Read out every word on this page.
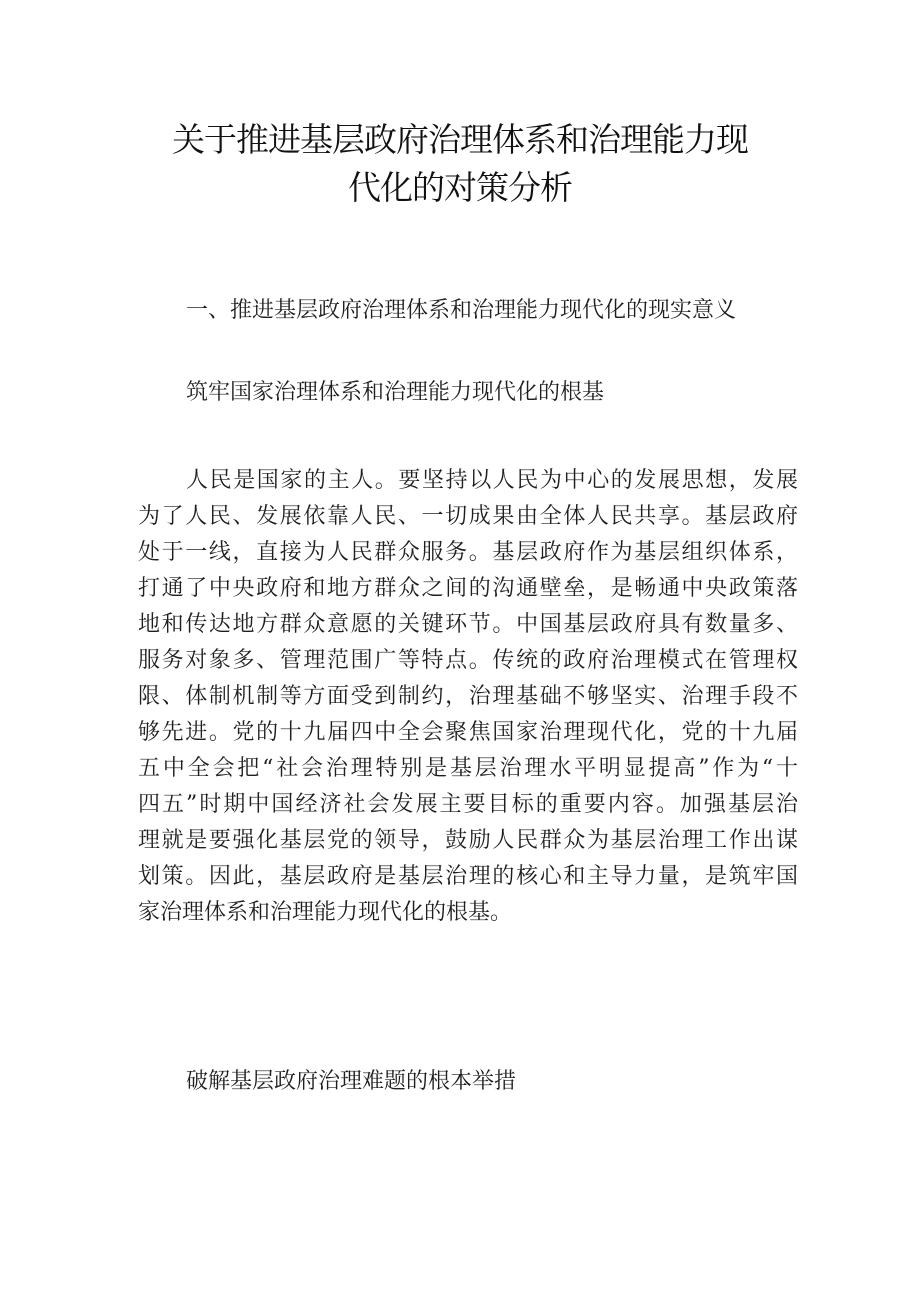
关于推进基层政府治理体系和治理能力现
代化的对策分析
一、推进基层政府治理体系和治理能力现代化的现实意义
筑牢国家治理体系和治理能力现代化的根基
人民是国家的主人。要坚持以人民为中心的发展思想，发展
为了人民、发展依靠人民、一切成果由全体人民共享。基层政府
处于一线，直接为人民群众服务。基层政府作为基层组织体系，
打通了中央政府和地方群众之间的沟通壁垒，是畅通中央政策落
地和传达地方群众意愿的关键环节。中国基层政府具有数量多、
服务对象多、管理范围广等特点。传统的政府治理模式在管理权
限、体制机制等方面受到制约，治理基础不够坚实、治理手段不
够先进。党的十九届四中全会聚焦国家治理现代化，党的十九届
五中全会把“社会治理特别是基层治理水平明显提高”作为“十
四五”时期中国经济社会发展主要目标的重要内容。加强基层治
理就是要强化基层党的领导，鼓励人民群众为基层治理工作出谋
划策。因此，基层政府是基层治理的核心和主导力量，是筑牢国
家治理体系和治理能力现代化的根基。
破解基层政府治理难题的根本举措
